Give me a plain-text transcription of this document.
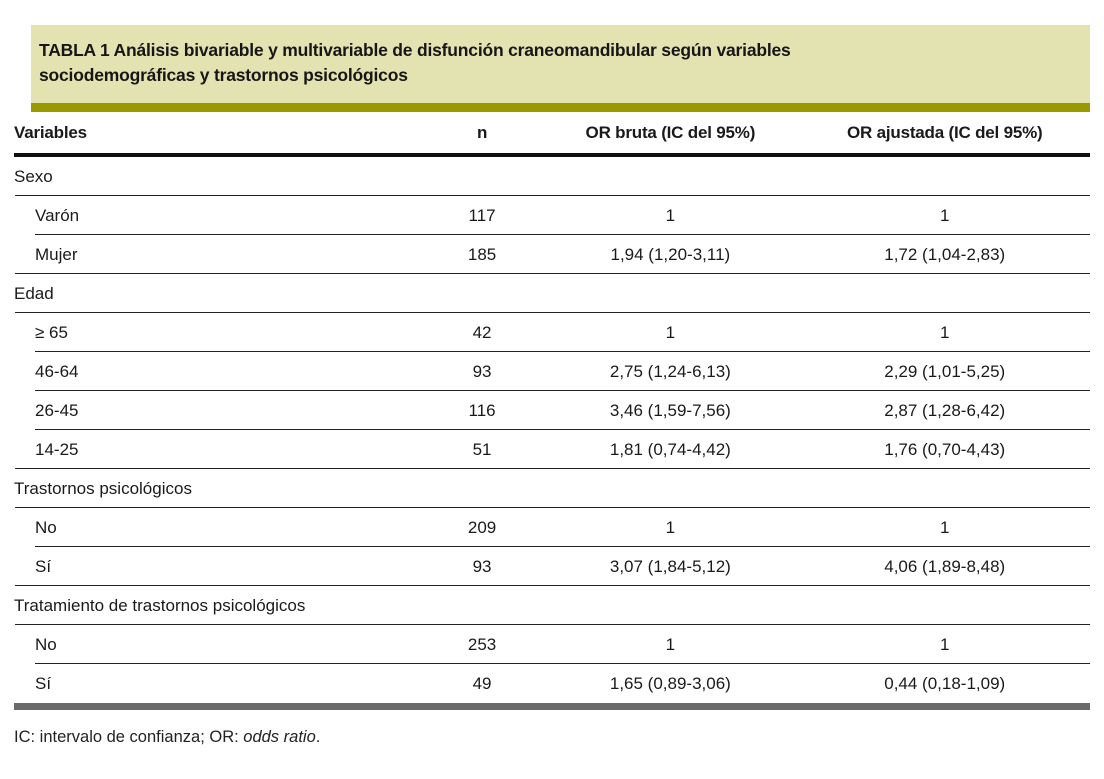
TABLA 1 Análisis bivariable y multivariable de disfunción craneomandibular según variables
sociodemográficas y trastornos psicológicos
Variables	n	OR bruta (IC del 95%)	OR ajustada (IC del 95%)
Sexo
Varón	117	1	1
Mujer	185	1,94 (1,20-3,11)	1,72 (1,04-2,83)
Edad
≥ 65	42	1	1
46-64	93	2,75 (1,24-6,13)	2,29 (1,01-5,25)
26-45	116	3,46 (1,59-7,56)	2,87 (1,28-6,42)
14-25	51	1,81 (0,74-4,42)	1,76 (0,70-4,43)
Trastornos psicológicos
No	209	1	1
Sí	93	3,07 (1,84-5,12)	4,06 (1,89-8,48)
Tratamiento de trastornos psicológicos
No	253	1	1
Sí	49	1,65 (0,89-3,06)	0,44 (0,18-1,09)
IC: intervalo de confianza; OR: odds ratio.
